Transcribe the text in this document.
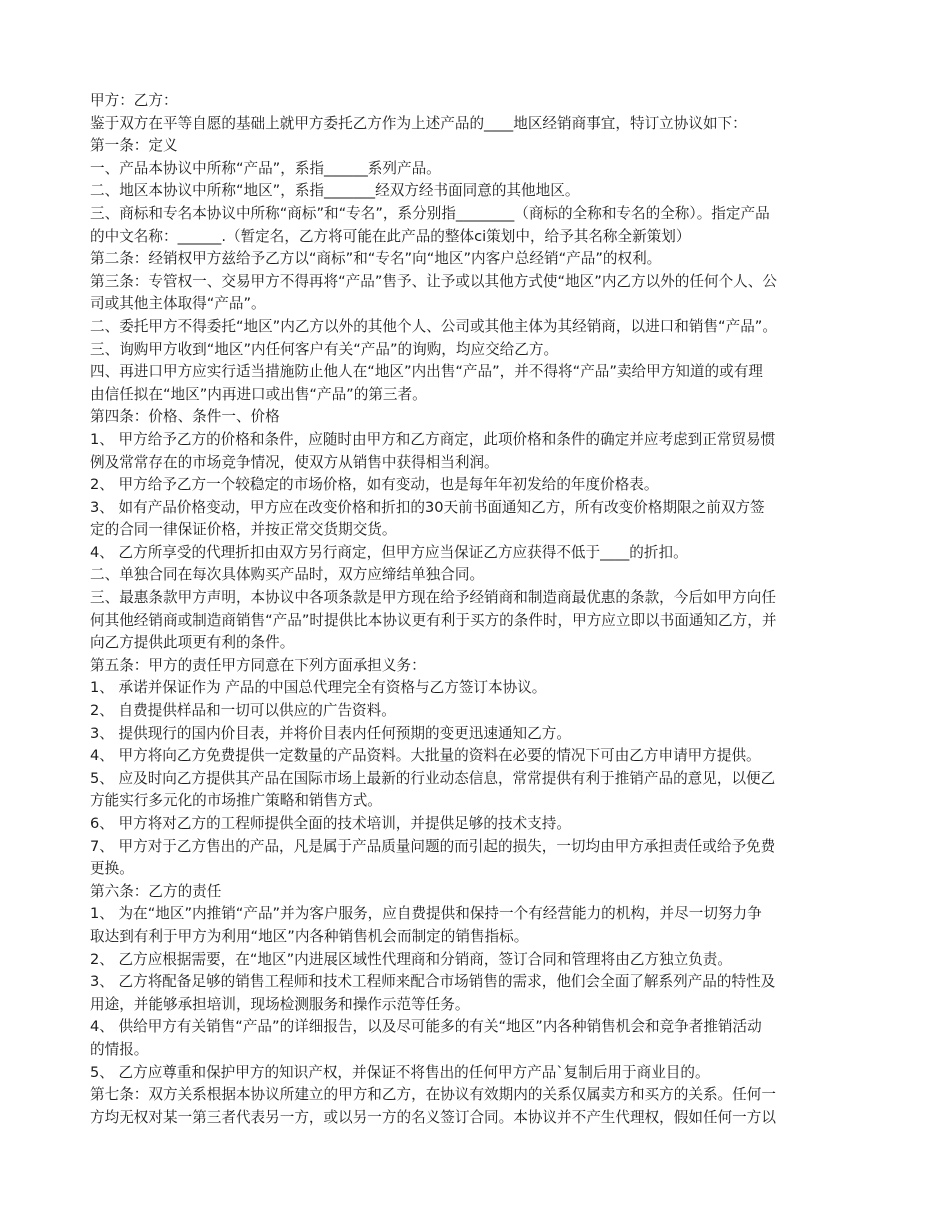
甲方：乙方：
鉴于双方在平等自愿的基础上就甲方委托乙方作为上述产品的____地区经销商事宜，特订立协议如下：
第一条：定义
一、产品本协议中所称“产品”，系指______系列产品。
二、地区本协议中所称“地区”，系指_______经双方经书面同意的其他地区。
三、商标和专名本协议中所称“商标”和“专名”，系分别指________（商标的全称和专名的全称）。指定产品
的中文名称：______.（暂定名，乙方将可能在此产品的整体ci策划中，给予其名称全新策划）
第二条：经销权甲方兹给予乙方以“商标”和“专名”向“地区”内客户总经销“产品”的权利。
第三条：专管权一、交易甲方不得再将“产品”售予、让予或以其他方式使“地区”内乙方以外的任何个人、公
司或其他主体取得“产品”。
二、委托甲方不得委托“地区”内乙方以外的其他个人、公司或其他主体为其经销商，以进口和销售“产品”。
三、询购甲方收到“地区”内任何客户有关“产品”的询购，均应交给乙方。
四、再进口甲方应实行适当措施防止他人在“地区”内出售“产品”，并不得将“产品”卖给甲方知道的或有理
由信任拟在“地区”内再进口或出售“产品”的第三者。
第四条：价格、条件一、价格
1、 甲方给予乙方的价格和条件，应随时由甲方和乙方商定，此项价格和条件的确定并应考虑到正常贸易惯
例及常常存在的市场竞争情况，使双方从销售中获得相当利润。
2、 甲方给予乙方一个较稳定的市场价格，如有变动，也是每年年初发给的年度价格表。
3、 如有产品价格变动，甲方应在改变价格和折扣的30天前书面通知乙方，所有改变价格期限之前双方签
定的合同一律保证价格，并按正常交货期交货。
4、 乙方所享受的代理折扣由双方另行商定，但甲方应当保证乙方应获得不低于____的折扣。
二、单独合同在每次具体购买产品时，双方应缔结单独合同。
三、最惠条款甲方声明，本协议中各项条款是甲方现在给予经销商和制造商最优惠的条款，今后如甲方向任
何其他经销商或制造商销售“产品”时提供比本协议更有利于买方的条件时，甲方应立即以书面通知乙方，并
向乙方提供此项更有利的条件。
第五条：甲方的责任甲方同意在下列方面承担义务：
1、 承诺并保证作为 产品的中国总代理完全有资格与乙方签订本协议。
2、 自费提供样品和一切可以供应的广告资料。
3、 提供现行的国内价目表，并将价目表内任何预期的变更迅速通知乙方。
4、 甲方将向乙方免费提供一定数量的产品资料。大批量的资料在必要的情况下可由乙方申请甲方提供。
5、 应及时向乙方提供其产品在国际市场上最新的行业动态信息，常常提供有利于推销产品的意见，以便乙
方能实行多元化的市场推广策略和销售方式。
6、 甲方将对乙方的工程师提供全面的技术培训，并提供足够的技术支持。
7、 甲方对于乙方售出的产品，凡是属于产品质量问题的而引起的损失，一切均由甲方承担责任或给予免费
更换。
第六条：乙方的责任
1、 为在“地区”内推销“产品”并为客户服务，应自费提供和保持一个有经营能力的机构，并尽一切努力争
取达到有利于甲方为利用“地区”内各种销售机会而制定的销售指标。
2、 乙方应根据需要，在“地区”内进展区域性代理商和分销商，签订合同和管理将由乙方独立负责。
3、 乙方将配备足够的销售工程师和技术工程师来配合市场销售的需求，他们会全面了解系列产品的特性及
用途，并能够承担培训，现场检测服务和操作示范等任务。
4、 供给甲方有关销售“产品”的详细报告，以及尽可能多的有关“地区”内各种销售机会和竞争者推销活动
的情报。
5、 乙方应尊重和保护甲方的知识产权，并保证不将售出的任何甲方产品`复制后用于商业目的。
第七条：双方关系根据本协议所建立的甲方和乙方，在协议有效期内的关系仅属卖方和买方的关系。任何一
方均无权对某一第三者代表另一方，或以另一方的名义签订合同。本协议并不产生代理权，假如任何一方以
